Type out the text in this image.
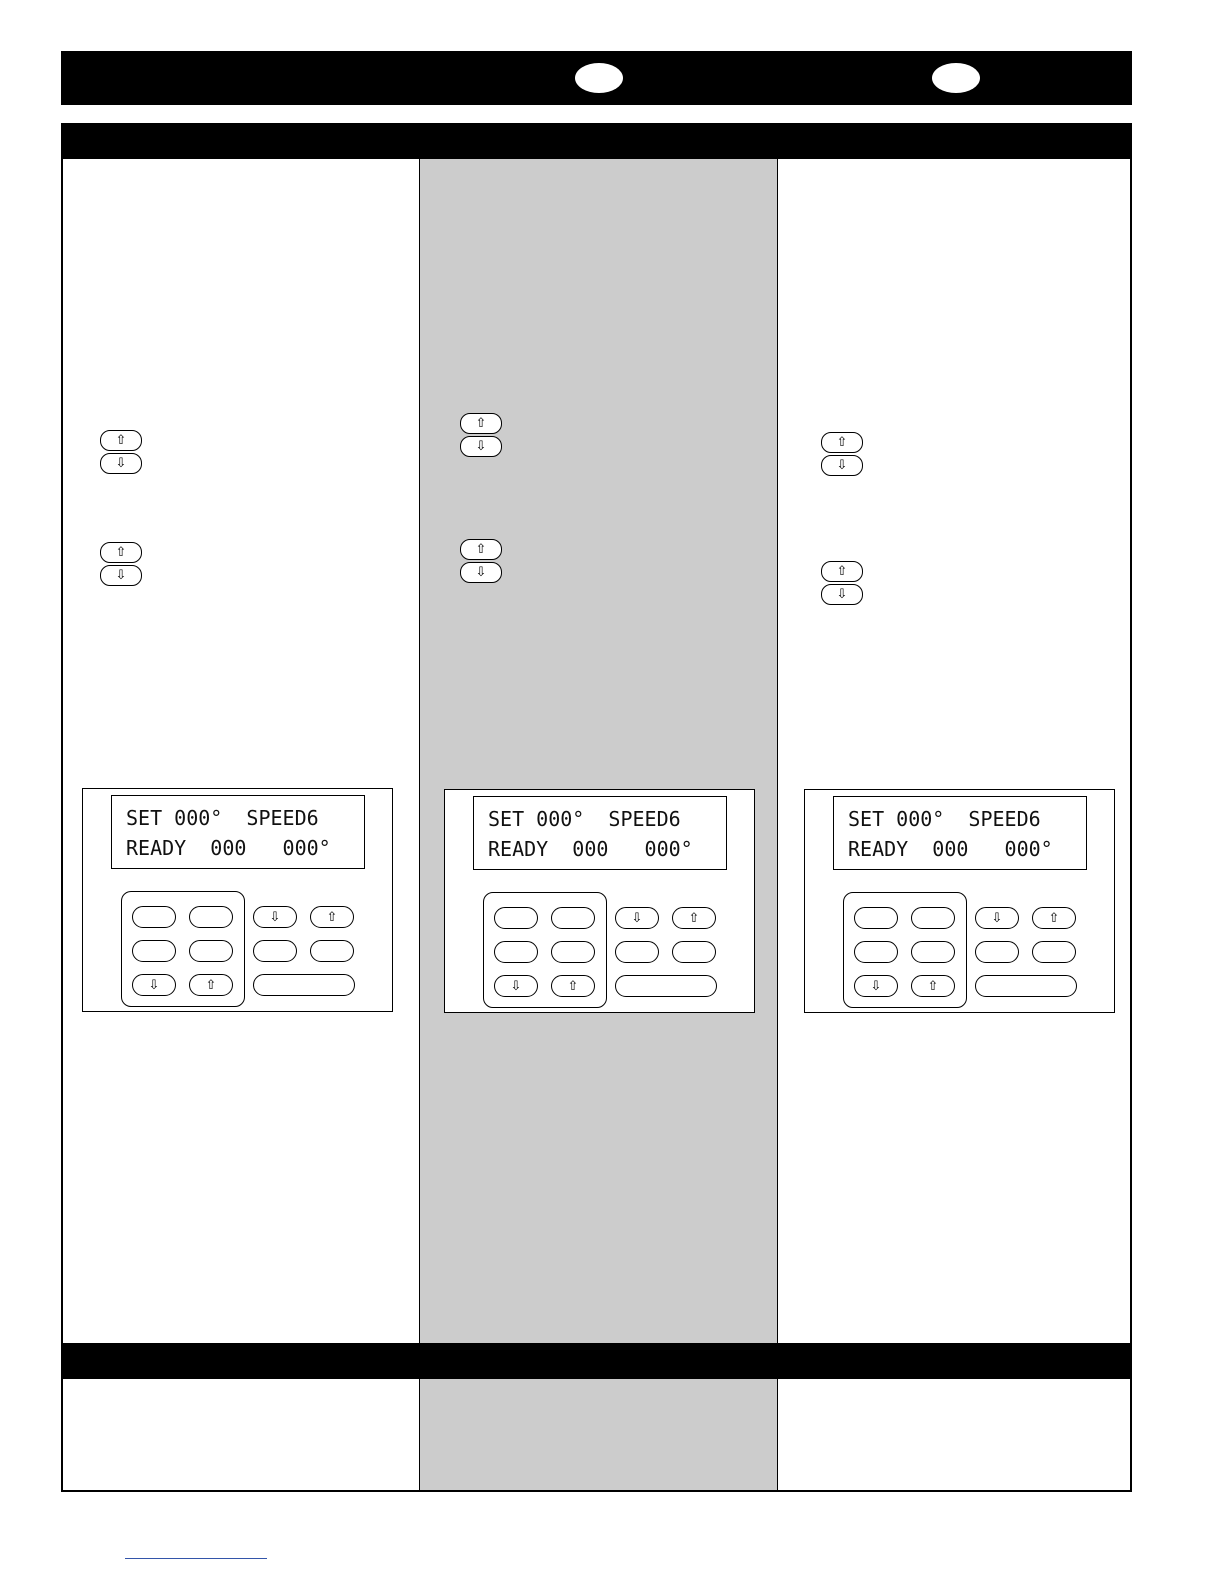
⇧
⇩
⇧
⇩
⇧
⇩
⇧
⇩
⇧
⇩
⇧
⇩
SET 000°  SPEED6
READY  000   000°
⇩	⇧
⇩	⇧
SET 000°  SPEED6
READY  000   000°
⇩	⇧
⇩	⇧
SET 000°  SPEED6
READY  000   000°
⇩	⇧
⇩	⇧
